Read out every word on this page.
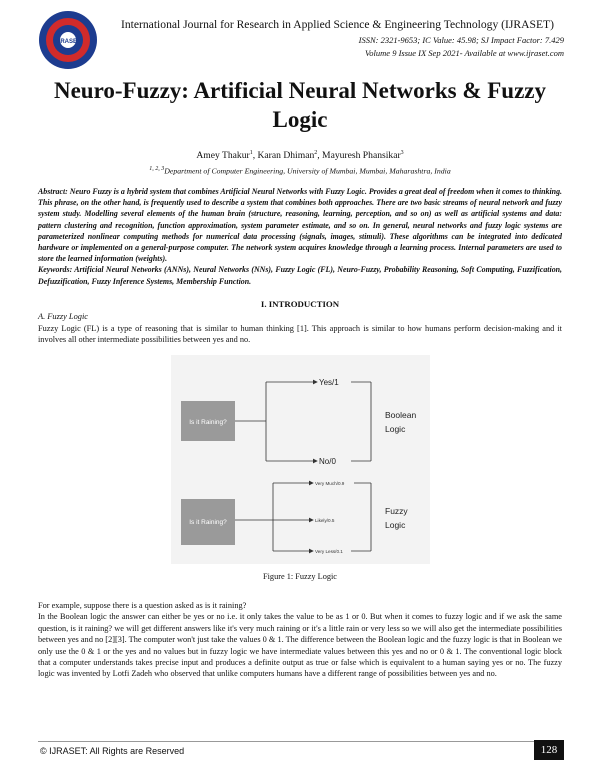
IJRASET
International Journal for Research in Applied Science & Engineering Technology (IJRASET)
ISSN: 2321-9653; IC Value: 45.98; SJ Impact Factor: 7.429
Volume 9 Issue IX Sep 2021- Available at www.ijraset.com
Neuro-Fuzzy: Artificial Neural Networks & Fuzzy Logic
Amey Thakur$^1$, Karan Dhiman$^2$, Mayuresh Phansikar$^3$
$^{1, 2, 3}$Department of Computer Engineering, University of Mumbai, Mumbai, Maharashtra, India
Abstract: Neuro Fuzzy is a hybrid system that combines Artificial Neural Networks with Fuzzy Logic. Provides a great deal of freedom when it comes to thinking. This phrase, on the other hand, is frequently used to describe a system that combines both approaches. There are two basic streams of neural network and fuzzy system study. Modelling several elements of the human brain (structure, reasoning, learning, perception, and so on) as well as artificial systems and data: pattern clustering and recognition, function approximation, system parameter estimate, and so on. In general, neural networks and fuzzy logic systems are parameterized nonlinear computing methods for numerical data processing (signals, images, stimuli). These algorithms can be integrated into dedicated hardware or implemented on a general-purpose computer. The network system acquires knowledge through a learning process. Internal parameters are used to store the learned information (weights).
Keywords: Artificial Neural Networks (ANNs), Neural Networks (NNs), Fuzzy Logic (FL), Neuro-Fuzzy, Probability Reasoning, Soft Computing, Fuzzification, Defuzzification, Fuzzy Inference Systems, Membership Function.
I. INTRODUCTION
A. Fuzzy Logic
Fuzzy Logic (FL) is a type of reasoning that is similar to human thinking [1]. This approach is similar to how humans perform decision-making and it involves all other intermediate possibilities between yes and no.
Is it Raining?
Yes/1
No/0
Boolean
Logic
Is it Raining?
Very Much/0.9
Likely/0.5
Very Less/0.1
Fuzzy
Logic
Figure 1: Fuzzy Logic

For example, suppose there is a question asked as is it raining?

In the Boolean logic the answer can either be yes or no i.e. it only takes the value to be as 1 or 0. But when it comes to fuzzy logic and if we ask the same question, is it raining? we will get different answers like it's very much raining or it's a little rain or very less so we will also get the intermediate possibilities between yes and no [2][3]. The computer won't just take the values 0 & 1. The difference between the Boolean logic and the fuzzy logic is that in Boolean we only use the 0 & 1 or the yes and no values but in fuzzy logic we have intermediate values between this yes and no or 0 & 1. The conventional logic block that a computer understands takes precise input and produces a definite output as true or false which is equivalent to a human saying yes or no. The fuzzy logic was invented by Lotfi Zadeh who observed that unlike computers humans have a different range of possibilities between yes and no.

© IJRASET: All Rights are Reserved	128
